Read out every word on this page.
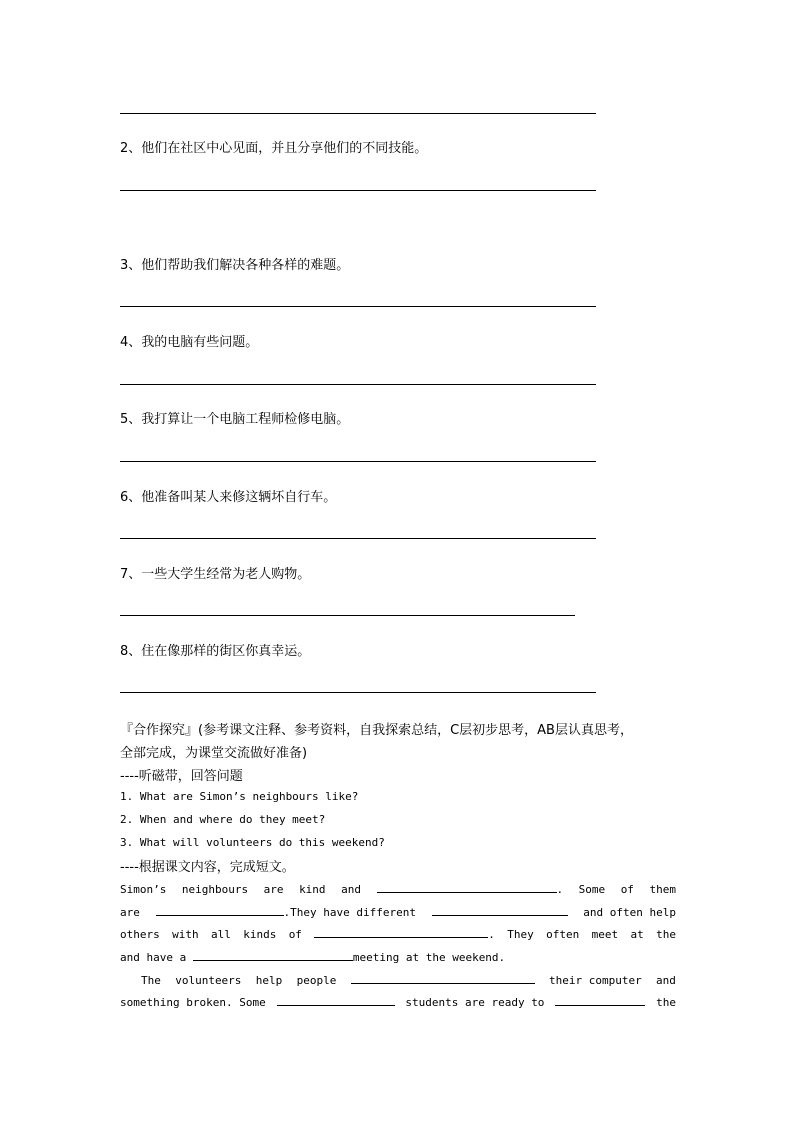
2、他们在社区中心见面，并且分享他们的不同技能。
3、他们帮助我们解决各种各样的难题。
4、我的电脑有些问题。
5、我打算让一个电脑工程师检修电脑。
6、他准备叫某人来修这辆坏自行车。
7、一些大学生经常为老人购物。
8、住在像那样的街区你真幸运。
『合作探究』(参考课文注释、参考资料，自我探索总结，C层初步思考，AB层认真思考，
全部完成，为课堂交流做好准备)
----听磁带，回答问题
1. What are Simon’s neighbours like?
2. When and where do they meet?
3. What will volunteers do this weekend?
----根据课文内容，完成短文。
Simon’s neighbours are kind and	. Some of them
are	.They have different	and often help
others with all kinds of	. They often meet at the
and have a	meeting at the weekend.
The volunteers help people	their computer and
something broken. Some	students are ready to	the
